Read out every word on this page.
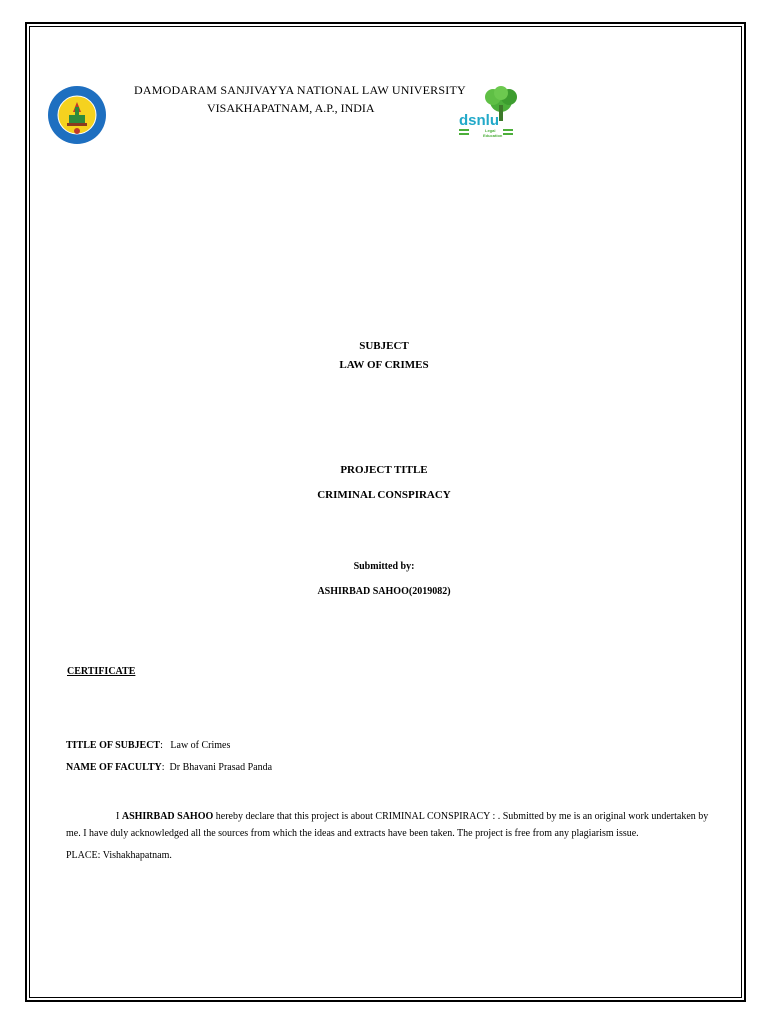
dsnlu
Legal
Education
DAMODARAM SANJIVAYYA NATIONAL LAW UNIVERSITY
VISAKHAPATNAM, A.P., INDIA
SUBJECT
LAW OF CRIMES
PROJECT TITLE
CRIMINAL CONSPIRACY
Submitted by:
ASHIRBAD SAHOO(2019082)
CERTIFICATE
TITLE OF SUBJECT: Law of Crimes
NAME OF FACULTY: Dr Bhavani Prasad Panda
I ASHIRBAD SAHOO hereby declare that this project is about CRIMINAL CONSPIRACY : . Submitted by me is an original work undertaken by me. I have duly acknowledged all the sources from which the ideas and extracts have been taken. The project is free from any plagiarism issue.
PLACE: Vishakhapatnam.
